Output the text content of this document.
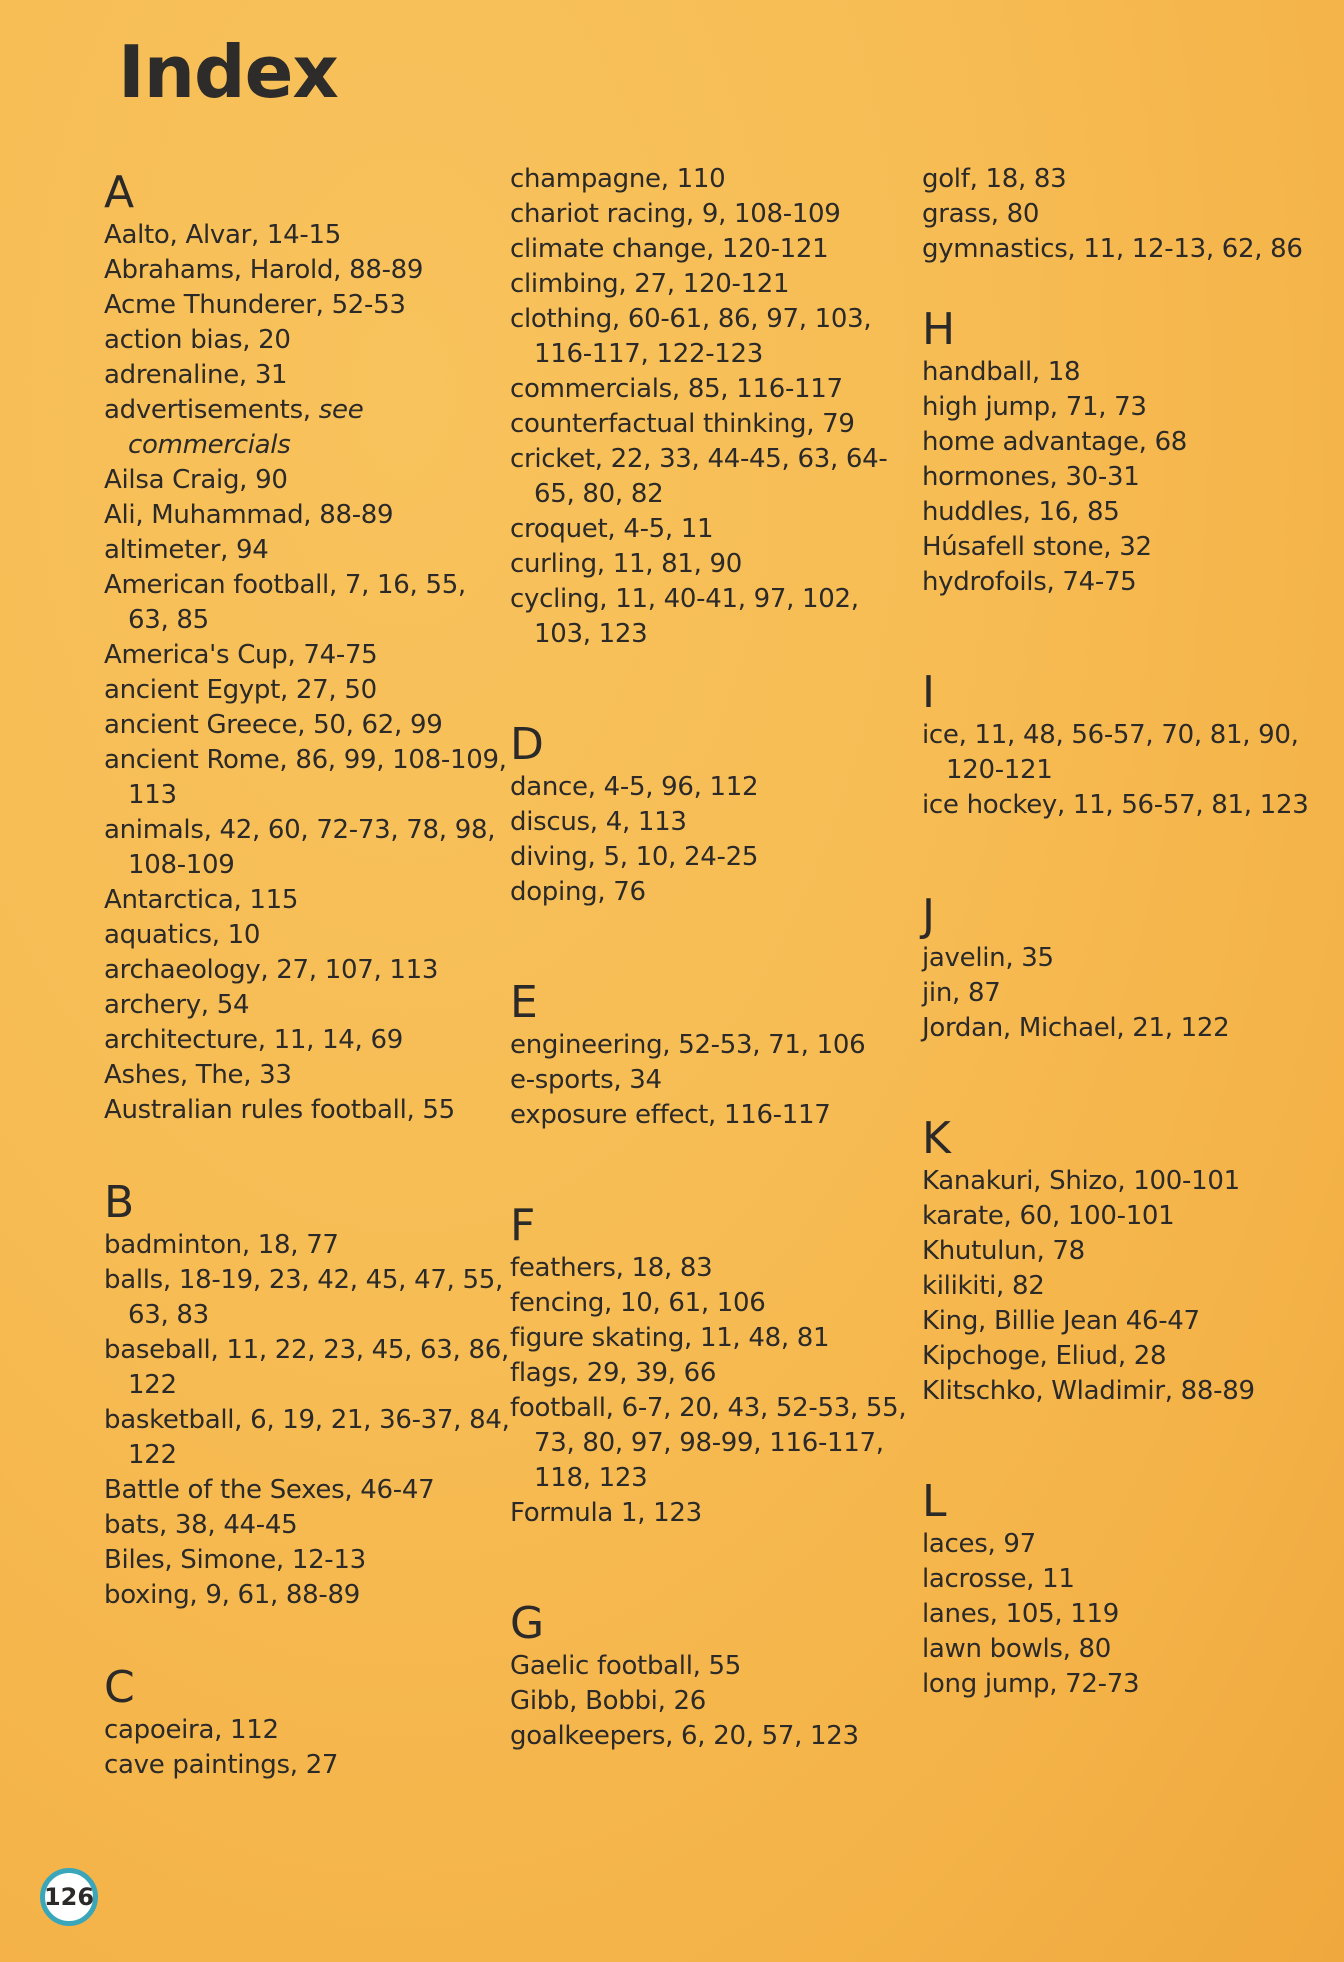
Index
A
Aalto, Alvar, 14-15
Abrahams, Harold, 88-89
Acme Thunderer, 52-53
action bias, 20
adrenaline, 31
advertisements, see commercials
Ailsa Craig, 90
Ali, Muhammad, 88-89
altimeter, 94
American football, 7, 16, 55, 63, 85
America's Cup, 74-75
ancient Egypt, 27, 50
ancient Greece, 50, 62, 99
ancient Rome, 86, 99, 108-109, 113
animals, 42, 60, 72-73, 78, 98, 108-109
Antarctica, 115
aquatics, 10
archaeology, 27, 107, 113
archery, 54
architecture, 11, 14, 69
Ashes, The, 33
Australian rules football, 55
B
badminton, 18, 77
balls, 18-19, 23, 42, 45, 47, 55, 63, 83
baseball, 11, 22, 23, 45, 63, 86, 122
basketball, 6, 19, 21, 36-37, 84, 122
Battle of the Sexes, 46-47
bats, 38, 44-45
Biles, Simone, 12-13
boxing, 9, 61, 88-89
C
capoeira, 112
cave paintings, 27
champagne, 110
chariot racing, 9, 108-109
climate change, 120-121
climbing, 27, 120-121
clothing, 60-61, 86, 97, 103, 116-117, 122-123
commercials, 85, 116-117
counterfactual thinking, 79
cricket, 22, 33, 44-45, 63, 64-65, 80, 82
croquet, 4-5, 11
curling, 11, 81, 90
cycling, 11, 40-41, 97, 102, 103, 123
D
dance, 4-5, 96, 112
discus, 4, 113
diving, 5, 10, 24-25
doping, 76
E
engineering, 52-53, 71, 106
e-sports, 34
exposure effect, 116-117
F
feathers, 18, 83
fencing, 10, 61, 106
figure skating, 11, 48, 81
flags, 29, 39, 66
football, 6-7, 20, 43, 52-53, 55, 73, 80, 97, 98-99, 116-117, 118, 123
Formula 1, 123
G
Gaelic football, 55
Gibb, Bobbi, 26
goalkeepers, 6, 20, 57, 123
golf, 18, 83
grass, 80
gymnastics, 11, 12-13, 62, 86
H
handball, 18
high jump, 71, 73
home advantage, 68
hormones, 30-31
huddles, 16, 85
Húsafell stone, 32
hydrofoils, 74-75
I
ice, 11, 48, 56-57, 70, 81, 90, 120-121
ice hockey, 11, 56-57, 81, 123
J
javelin, 35
jin, 87
Jordan, Michael, 21, 122
K
Kanakuri, Shizo, 100-101
karate, 60, 100-101
Khutulun, 78
kilikiti, 82
King, Billie Jean 46-47
Kipchoge, Eliud, 28
Klitschko, Wladimir, 88-89
L
laces, 97
lacrosse, 11
lanes, 105, 119
lawn bowls, 80
long jump, 72-73
126
